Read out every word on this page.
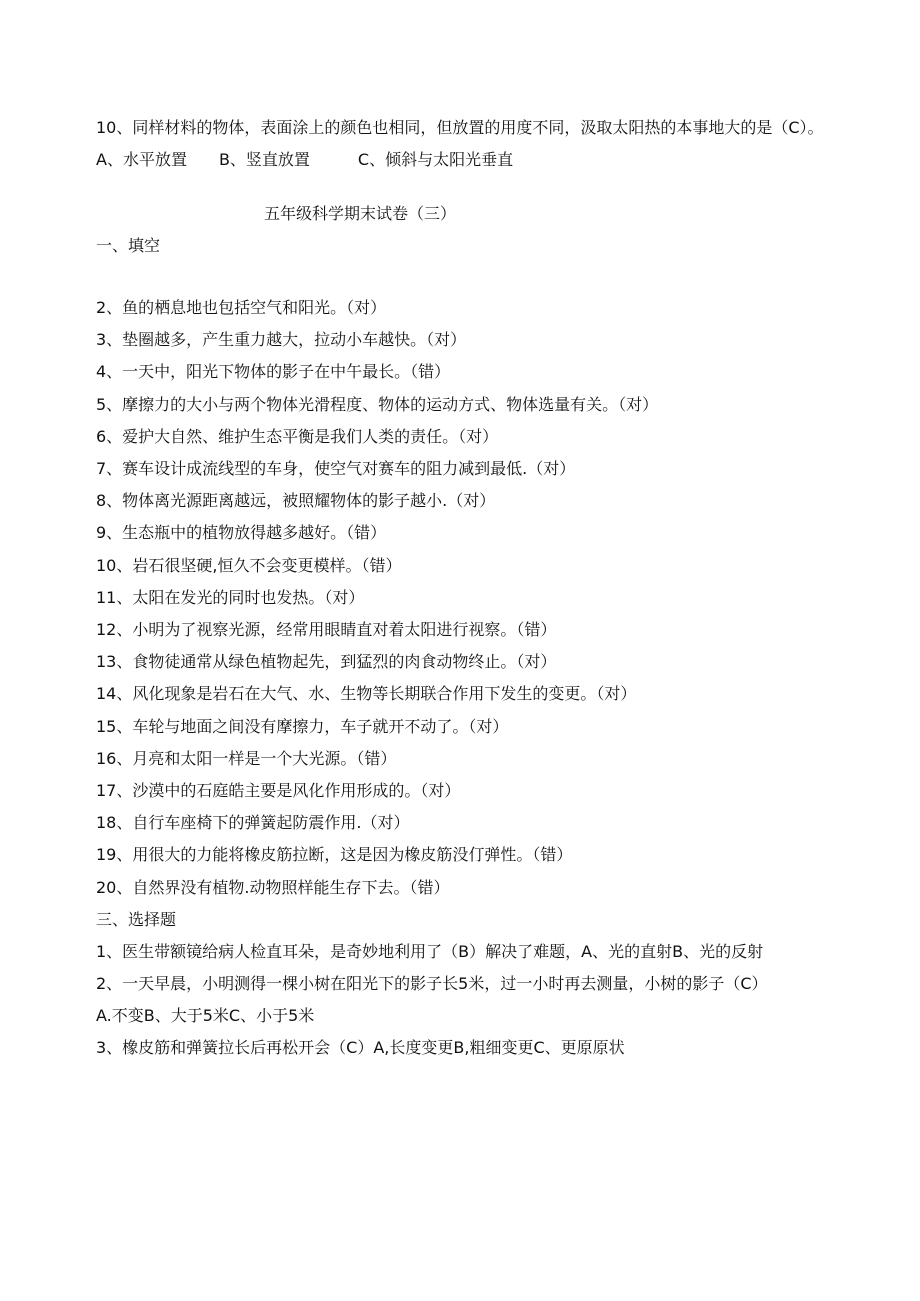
10、同样材料的物体，表面涂上的颜色也相同，但放置的用度不同，汲取太阳热的本事地大的是（C）。
A、水平放置　　B、竖直放置　　　C、倾斜与太阳光垂直
五年级科学期末试卷（三）
一、填空
2、鱼的栖息地也包括空气和阳光。（对）
3、垫圈越多，产生重力越大，拉动小车越快。（对）
4、一天中，阳光下物体的影子在中午最长。（错）
5、摩擦力的大小与两个物体光滑程度、物体的运动方式、物体选量有关。（对）
6、爱护大自然、维护生态平衡是我们人类的责任。（对）
7、赛车设计成流线型的车身，使空气对赛车的阻力减到最低.（对）
8、物体离光源距离越远，被照耀物体的影子越小.（对）
9、生态瓶中的植物放得越多越好。（错）
10、岩石很坚硬,恒久不会变更模样。（错）
11、太阳在发光的同时也发热。（对）
12、小明为了视察光源，经常用眼睛直对着太阳进行视察。（错）
13、食物徒通常从绿色植物起先，到猛烈的肉食动物终止。（对）
14、风化现象是岩石在大气、水、生物等长期联合作用下发生的变更。（对）
15、车轮与地面之间没有摩擦力，车子就开不动了。（对）
16、月亮和太阳一样是一个大光源。（错）
17、沙漠中的石庭皓主要是风化作用形成的。（对）
18、自行车座椅下的弹簧起防震作用.（对）
19、用很大的力能将橡皮筋拉断，这是因为橡皮筋没仃弹性。（错）
20、自然界没有植物.动物照样能生存下去。（错）
三、选择题
1、医生带额镜给病人检直耳朵，是奇妙地利用了（B）解决了难题，A、光的直射B、光的反射
2、一天早晨，小明测得一棵小树在阳光下的影子长5米，过一小时再去测量，小树的影子（C）
A.不变B、大于5米C、小于5米
3、橡皮筋和弹簧拉长后再松开会（C）A,长度变更B,粗细变更C、更原原状
